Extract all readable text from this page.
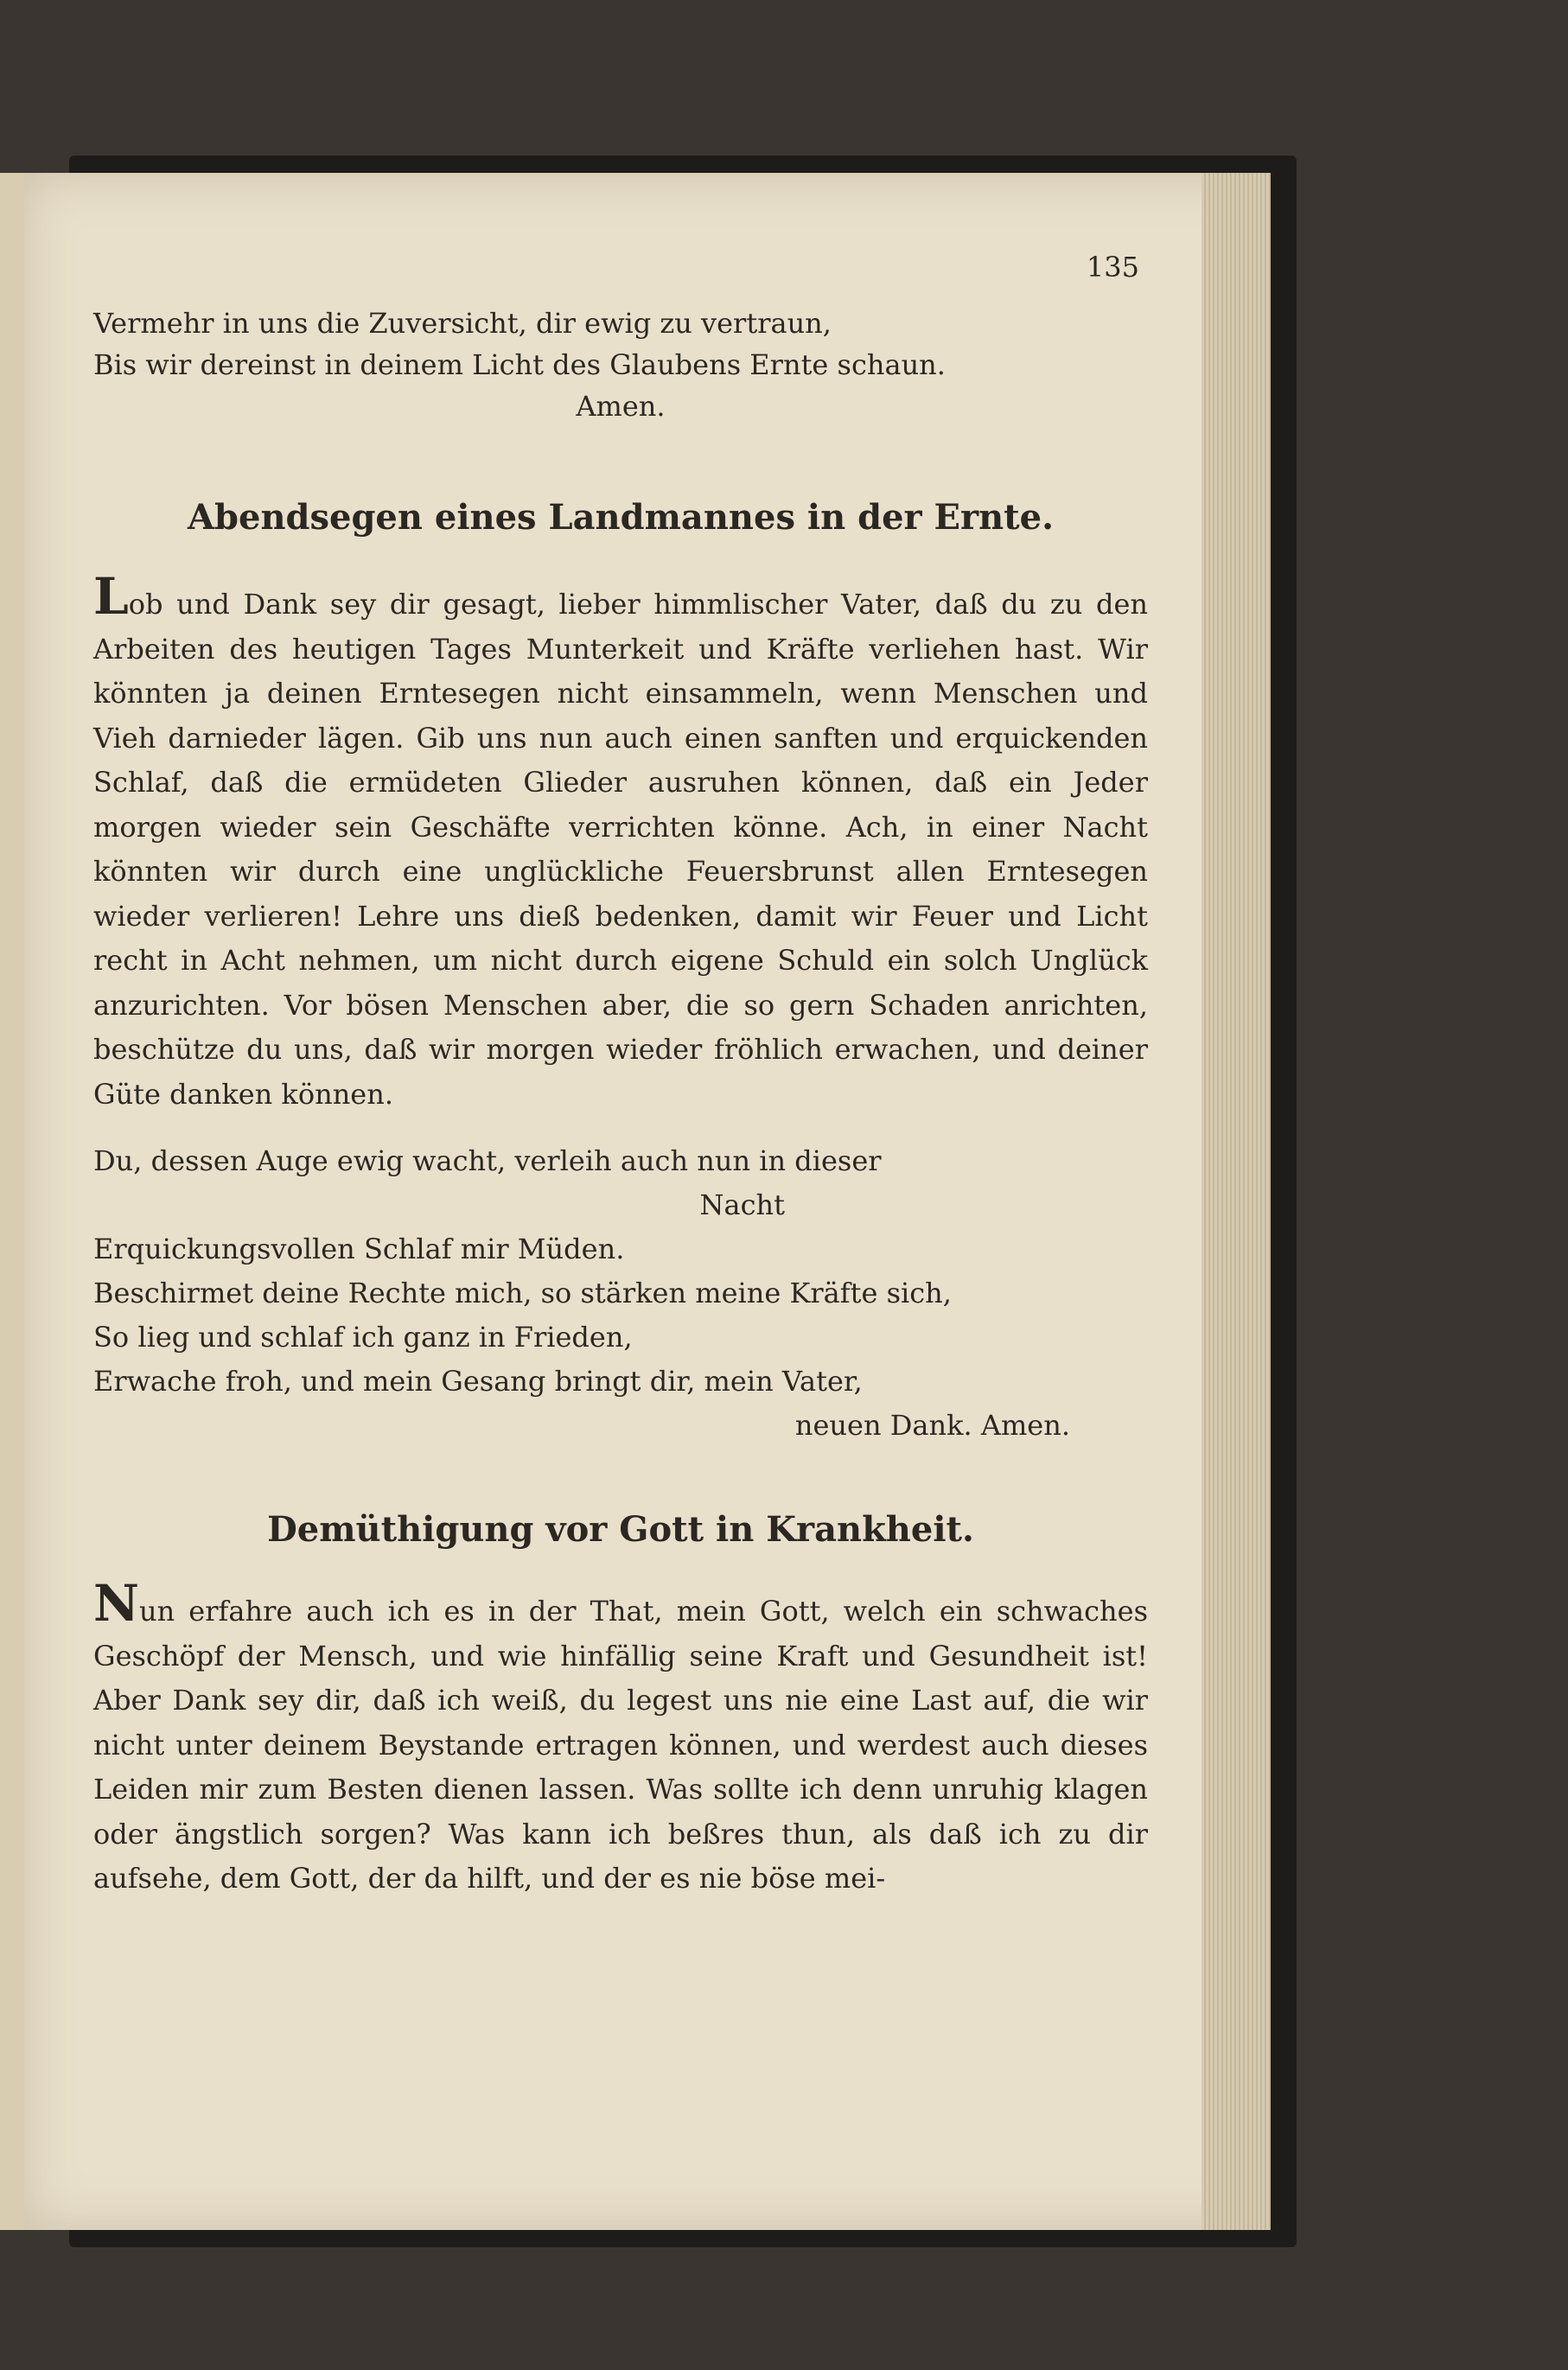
135
Vermehr in uns die Zuversicht, dir ewig zu vertraun,
Bis wir dereinst in deinem Licht des Glaubens Ernte schaun.
Amen.
Abendsegen eines Landmannes in der Ernte.
Lob und Dank sey dir gesagt, lieber himmlischer Vater, daß du zu den Arbeiten des heutigen Tages Munterkeit und Kräfte verliehen hast. Wir könnten ja deinen Erntesegen nicht einsammeln, wenn Menschen und Vieh darnieder lägen. Gib uns nun auch einen sanften und erquickenden Schlaf, daß die ermüdeten Glieder ausruhen können, daß ein Jeder morgen wieder sein Geschäfte verrichten könne. Ach, in einer Nacht könnten wir durch eine unglückliche Feuersbrunst allen Erntesegen wieder verlieren! Lehre uns dieß bedenken, damit wir Feuer und Licht recht in Acht nehmen, um nicht durch eigene Schuld ein solch Unglück anzurichten. Vor bösen Menschen aber, die so gern Schaden anrichten, beschütze du uns, daß wir morgen wieder fröhlich erwachen, und deiner Güte danken können.
Du, dessen Auge ewig wacht, verleih auch nun in dieser
Nacht
Erquickungsvollen Schlaf mir Müden.
Beschirmet deine Rechte mich, so stärken meine Kräfte sich,
So lieg und schlaf ich ganz in Frieden,
Erwache froh, und mein Gesang bringt dir, mein Vater,
neuen Dank. Amen.
Demüthigung vor Gott in Krankheit.
Nun erfahre auch ich es in der That, mein Gott, welch ein schwaches Geschöpf der Mensch, und wie hinfällig seine Kraft und Gesundheit ist! Aber Dank sey dir, daß ich weiß, du legest uns nie eine Last auf, die wir nicht unter deinem Beystande ertragen können, und werdest auch dieses Leiden mir zum Besten dienen lassen. Was sollte ich denn unruhig klagen oder ängstlich sorgen? Was kann ich beßres thun, als daß ich zu dir aufsehe, dem Gott, der da hilft, und der es nie böse mei-
